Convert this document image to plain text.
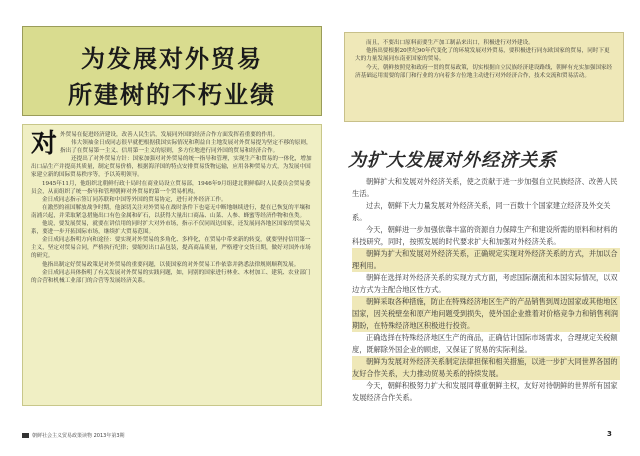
为发展对外贸易
所建树的不朽业绩
对 外贸易在促进经济建设，改善人民生活，发展同外国的经济合作方面发挥着重要的作用。

伟大领袖金日成同志很早就把根据我国实际情况和利益自主地发展对外贸易提为坚定不移的原则，指出了在贸易第一主义、信用第一主义的原则，多方位地进行同外国的贸易和经济合作。

还提出了对外贸易方针：国家加强对对外贸易的统一指导和管理，实现生产和贸易的一体化，增加出口品生产并提高其质量，制定贸易价格，根据海洋国的特点安排贸易货物运输，应用各种贸易方式，为发展中国家建立新的国际贸易秩序等，予以英明领导。

1945年11月，他组织北朝鲜行政十局时在商业局设立贸易部，1946年9月组建北朝鲜临时人民委员会贸易委员会，从而组织了统一指导和管理朝鲜对外贸易的第一个贸易机构。

金日成同志指示签订同苏联和中国等外国的贸易协定，进行对外经济工作。

在激烈的祖国解放战争时期，他深切关注对外贸易在战时条件下也毫无中断地继续进行，提在已恢复的平壤和南浦兴起，并采取紧急措施出口有色金属和矿石，以获得大量出口商品、山菜、人参、蜂蜜等经济作物和鱼类。

他说，要发展贸易，就要在讲信用的同时扩大对外市场，指示不仅同周边国家，还发展同各地区国家的贸易关系，要进一步开拓国际市场，继续扩大贸易范围。

金日成同志指明方向和途径：要实现对外贸易的多角化、多样化，在贸易中带来新的转变，就要坚持信用第一主义，坚定对贸易合同，严格执行纪律；要缩短出口品包装，提高商品质量，严格遵守交货日期，做好对国外市场的研究。

他指出制定好贸易政策是对外贸易的重要问题，以使国家的对外贸易工作依靠并熟悉法律规则顺利发展。

金日成同志具体指明了有关发展对外贸易的实践问题，如，同别的国家进行林业、木材加工、建筑、农业部门的合营和机械工业部门的合营等发展经济关系。

朝鲜社会主义贸易政策读物 2013年第3期

而且，不要出口原料而要生产加工制品来出口，积极进行对外建设。

他指出要根据20世纪90年代变化了的环境发展对外贸易，要积极进行同东欧国家的贸易，同时下更大的力量发展同东南亚国家的贸易。

今天，朝鲜按照党和政府一贯的贸易政策，切实根据自立民族经济建设路线，朝鲜有充实加强国家经济基础运用需要的部门和行业的方向着多方位地主动进行对外经济合作，技术交流和贸易活动。

为扩大发展对外经济关系

朝鲜扩大和发展对外经济关系，使之贡献于进一步加强自立民族经济、改善人民生活。

过去，朝鲜下大力量发展对外经济关系，同一百数十个国家建立经济及外交关系。

今天，朝鲜进一步加强依靠丰富的资源自力保障生产和建设所需的原料和材料的科技研究，同时，按照发展的时代要求扩大和加强对外经济关系。

朝鲜为扩大和发展对外经济关系，正确规定实现对外经济关系的方式，并加以合理利用。

朝鲜在选择对外经济关系的实现方式方面，考虑国际潮流和本国实际情况，以双边方式为主配合地区性方式。

朝鲜采取各种措施，防止在特殊经济地区生产的产品销售到周边国家或其他地区国家，因关税壁垒和原产地问题受到损失，使外国企业推着对价格竞争力和销售利润期盼，在特殊经济地区积极进行投资。

正确选择在特殊经济地区生产的商品，正确估计国际市场需求，合理规定关税额度，既解除外国企业的顾虑，又保证了贸易的实际利益。

朝鲜为发展对外经济关系制定法律担保和相关措施，以进一步扩大同世界各国的友好合作关系，大力推动贸易关系的持续发展。

今天，朝鲜积极努力扩大和发展同尊重朝鲜主权，友好对待朝鲜的世界所有国家发展经济合作关系。

3
